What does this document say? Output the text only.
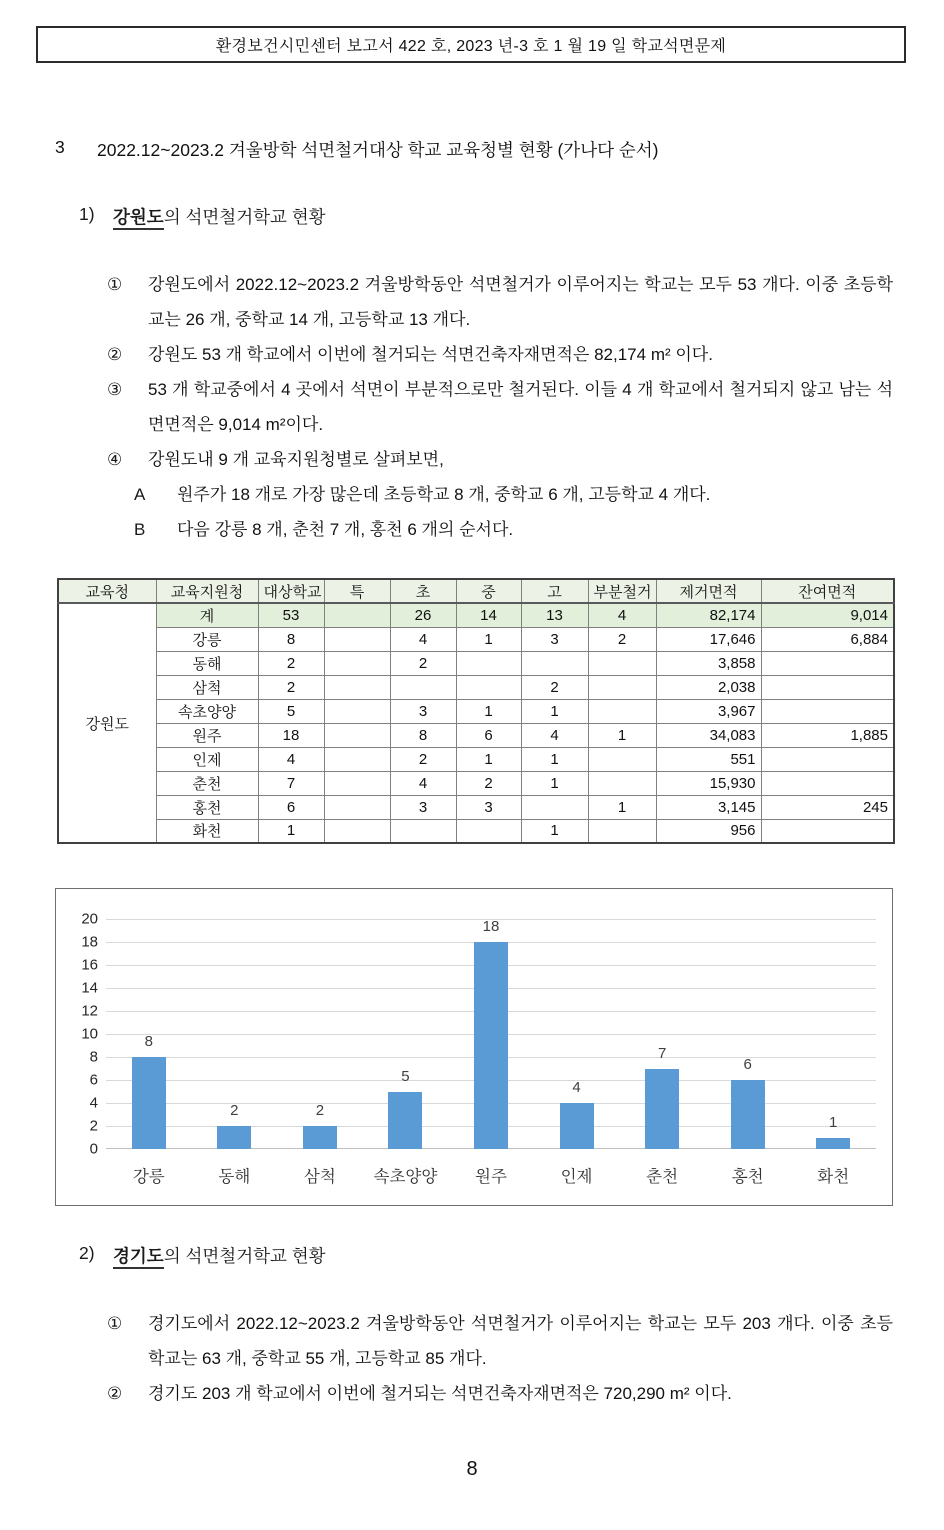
환경보건시민센터 보고서 422 호, 2023 년-3 호 1 월 19 일 학교석면문제
3	2022.12~2023.2 겨울방학 석면철거대상 학교 교육청별 현황 (가나다 순서)
1)	강원도의 석면철거학교 현황
①	강원도에서 2022.12~2023.2 겨울방학동안 석면철거가 이루어지는 학교는 모두 53 개다. 이중 초등학교는 26 개, 중학교 14 개, 고등학교 13 개다.
②	강원도 53 개 학교에서 이번에 철거되는 석면건축자재면적은 82,174 m² 이다.
③	53 개 학교중에서 4 곳에서 석면이 부분적으로만 철거된다. 이들 4 개 학교에서 철거되지 않고 남는 석면면적은 9,014 m²이다.
④	강원도내 9 개 교육지원청별로 살펴보면,
A	원주가 18 개로 가장 많은데 초등학교 8 개, 중학교 6 개, 고등학교 4 개다.
B	다음 강릉 8 개, 춘천 7 개, 홍천 6 개의 순서다.
교육청	교육지원청	대상학교	특	초	중	고	부분철거	제거면적	잔여면적
강원도	계	53		26	14	13	4	82,174	9,014
	강릉	8		4	1	3	2	17,646	6,884
	동해	2		2				3,858	
	삼척	2				2		2,038	
	속초양양	5		3	1	1		3,967	
	원주	18		8	6	4	1	34,083	1,885
	인제	4		2	1	1		551	
	춘천	7		4	2	1		15,930	
	홍천	6		3	3		1	3,145	245
	화천	1				1		956	
0
2
4
6
8
10
12
14
16
18
20
8
강릉
2
동해
2
삼척
5
속초양양
18
원주
4
인제
7
춘천
6
홍천
1
화천
2)	경기도의 석면철거학교 현황
①	경기도에서 2022.12~2023.2 겨울방학동안 석면철거가 이루어지는 학교는 모두 203 개다. 이중 초등학교는 63 개, 중학교 55 개, 고등학교 85 개다.
②	경기도 203 개 학교에서 이번에 철거되는 석면건축자재면적은 720,290 m² 이다.
8
